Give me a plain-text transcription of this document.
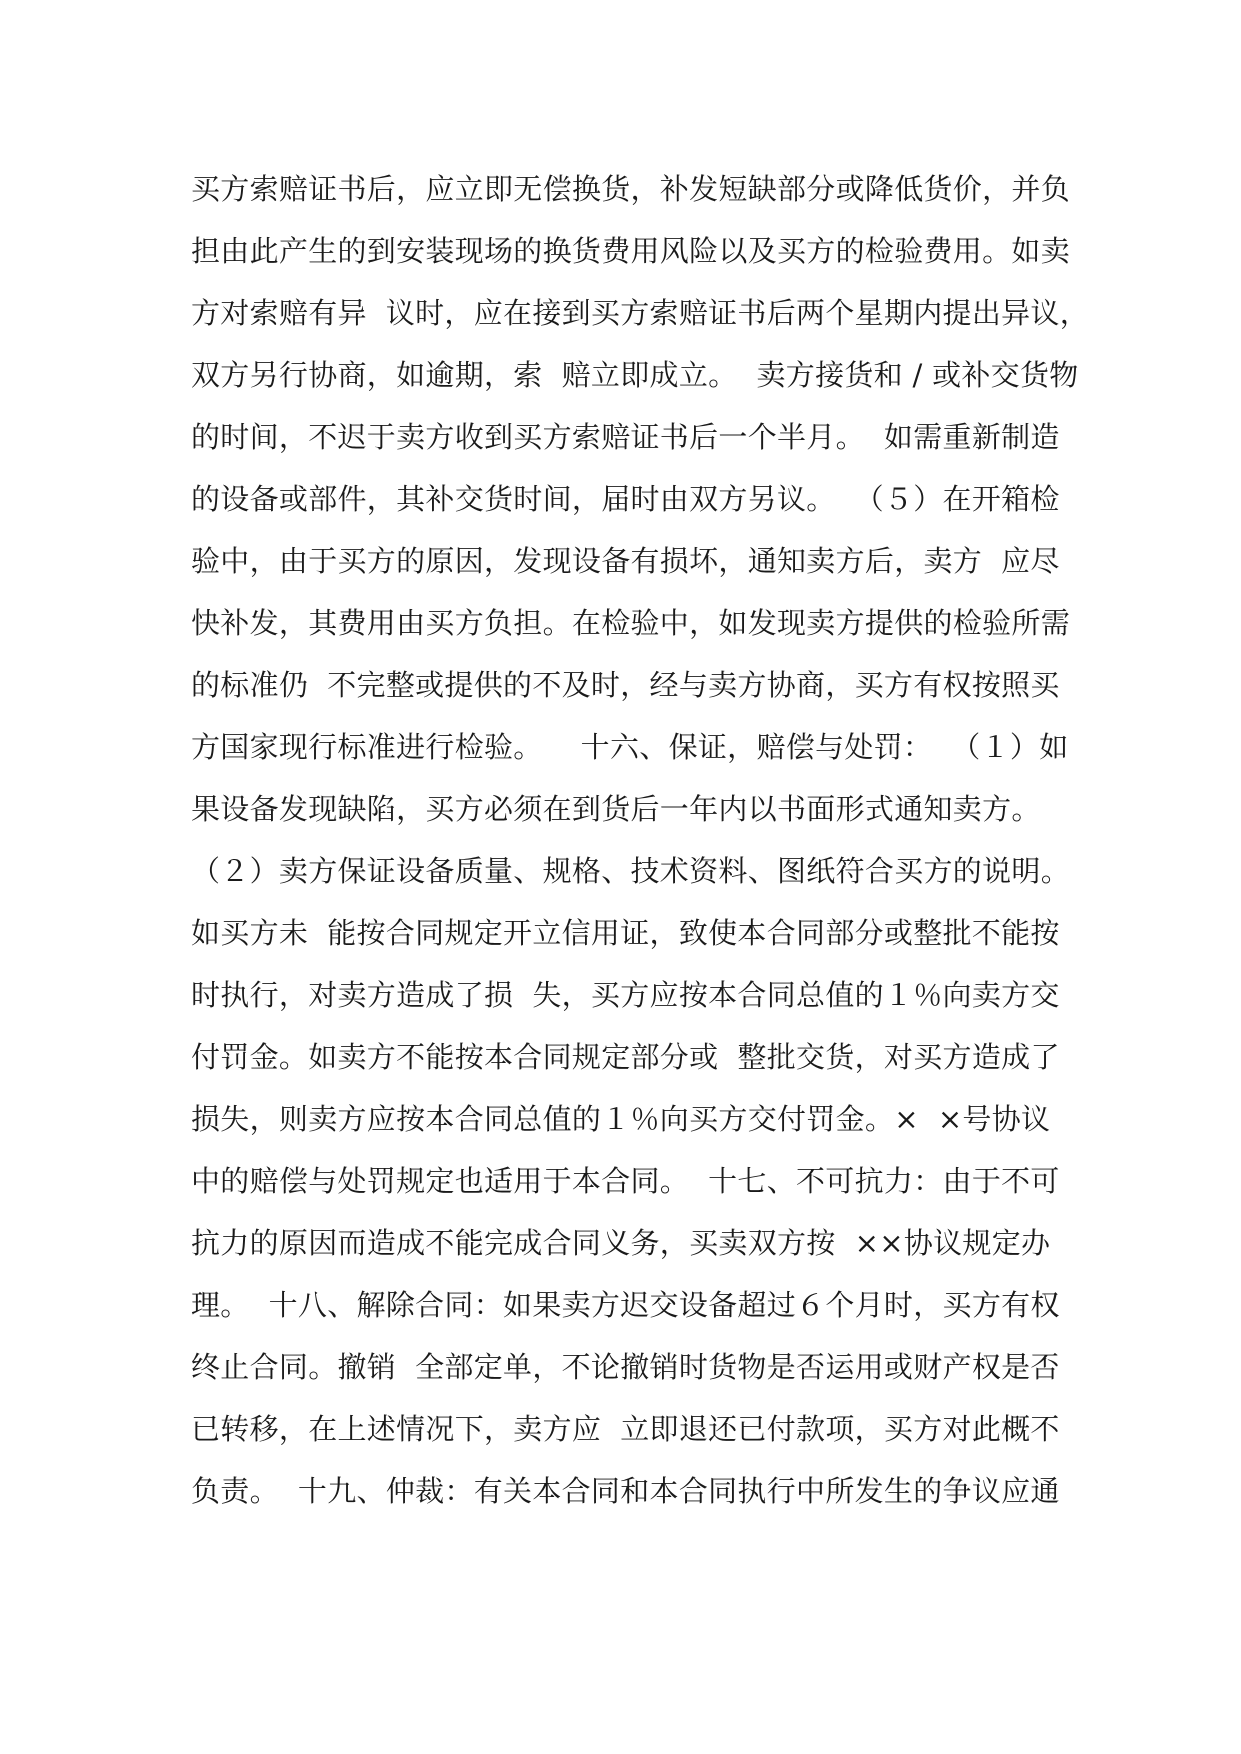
买方索赔证书后，应立即无偿换货，补发短缺部分或降低货价，并负
担由此产生的到安装现场的换货费用风险以及买方的检验费用。如卖
方对索赔有异  议时，应在接到买方索赔证书后两个星期内提出异议，
双方另行协商，如逾期，索  赔立即成立。  卖方接货和 / 或补交货物
的时间，不迟于卖方收到买方索赔证书后一个半月。  如需重新制造
的设备或部件，其补交货时间，届时由双方另议。  （５）在开箱检
验中，由于买方的原因，发现设备有损坏，通知卖方后，卖方  应尽
快补发，其费用由买方负担。在检验中，如发现卖方提供的检验所需
的标准仍  不完整或提供的不及时，经与卖方协商，买方有权按照买
方国家现行标准进行检验。    十六、保证，赔偿与处罚：  （１）如
果设备发现缺陷，买方必须在到货后一年内以书面形式通知卖方。
（２）卖方保证设备质量、规格、技术资料、图纸符合买方的说明。
如买方未  能按合同规定开立信用证，致使本合同部分或整批不能按
时执行，对卖方造成了损  失，买方应按本合同总值的１％向卖方交
付罚金。如卖方不能按本合同规定部分或  整批交货，对买方造成了
损失，则卖方应按本合同总值的１％向买方交付罚金。×  ×号协议
中的赔偿与处罚规定也适用于本合同。  十七、不可抗力：由于不可
抗力的原因而造成不能完成合同义务，买卖双方按  ××协议规定办
理。  十八、解除合同：如果卖方迟交设备超过６个月时，买方有权
终止合同。撤销  全部定单，不论撤销时货物是否运用或财产权是否
已转移，在上述情况下，卖方应  立即退还已付款项，买方对此概不
负责。  十九、仲裁：有关本合同和本合同执行中所发生的争议应通
